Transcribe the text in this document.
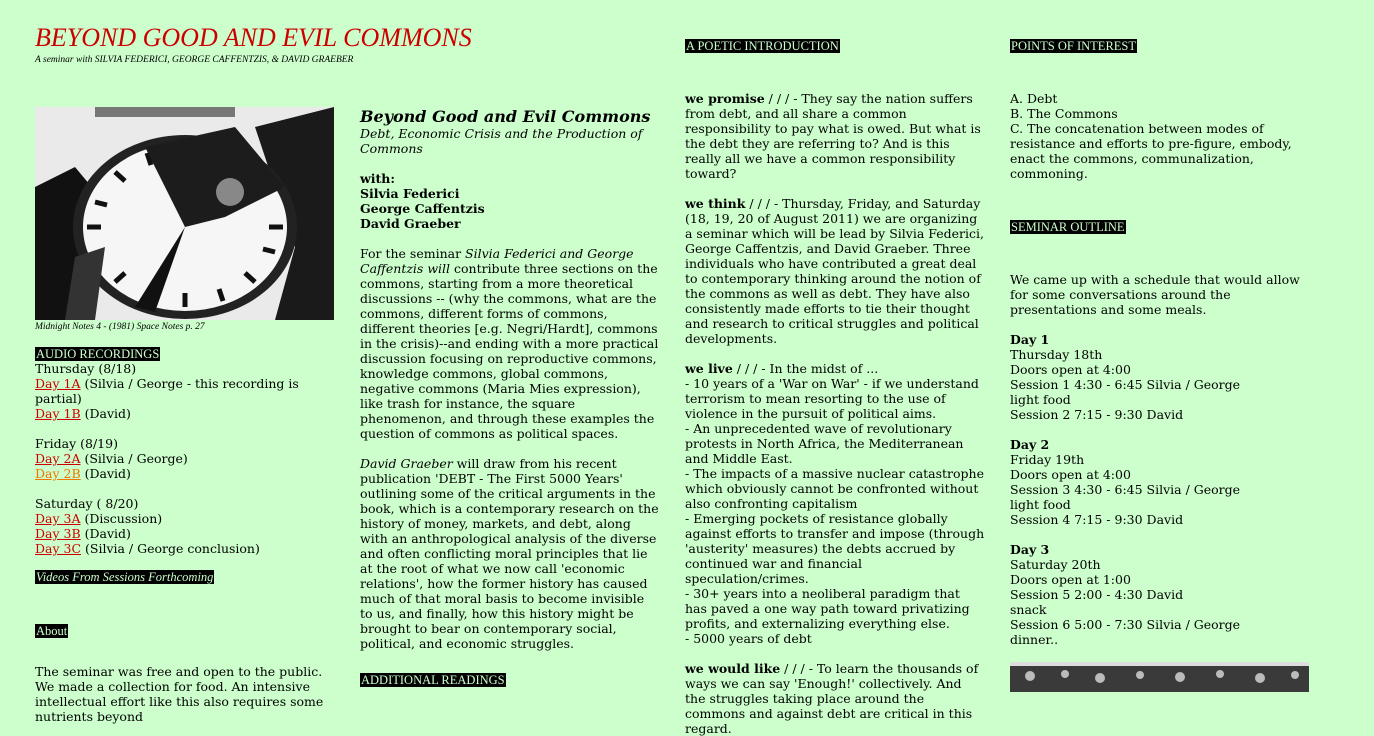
BEYOND GOOD AND EVIL COMMONS
A seminar with SILVIA FEDERICI, GEORGE CAFFENTZIS, & DAVID GRAEBER

Midnight Notes 4 - (1981) Space Notes p. 27

AUDIO RECORDINGS

Thursday (8/18)

Day 1A (Silvia / George - this recording is partial)

Day 1B (David)

Friday (8/19)

Day 2A (Silvia / George)

Day 2B (David)

Saturday ( 8/20)

Day 3A (Discussion)

Day 3B (David)

Day 3C (Silvia / George conclusion)

Videos From Sessions Forthcoming
About

The seminar was free and open to the public. We made a collection for food. An intensive intellectual effort like this also requires some nutrients beyond

Beyond Good and Evil Commons

Debt, Economic Crisis and the Production of Commons

with:

Silvia Federici

George Caffentzis

David Graeber

For the seminar Silvia Federici and George Caffentzis will contribute three sections on the commons, starting from a more theoretical discussions -- (why the commons, what are the commons, different forms of commons, different theories [e.g. Negri/Hardt], commons in the crisis)--and ending with a more practical discussion focusing on reproductive commons, knowledge commons, global commons, negative commons (Maria Mies expression), like trash for instance, the square phenomenon, and through these examples the question of commons as political spaces.

David Graeber will draw from his recent publication 'DEBT - The First 5000 Years' outlining some of the critical arguments in the book, which is a contemporary research on the history of money, markets, and debt, along with an anthropological analysis of the diverse and often conflicting moral principles that lie at the root of what we now call 'economic relations', how the former history has caused much of that moral basis to become invisible to us, and finally, how this history might be brought to bear on contemporary social, political, and economic struggles.

ADDITIONAL READINGS
A POETIC INTRODUCTION

we promise / / / - They say the nation suffers from debt, and all share a common responsibility to pay what is owed. But what is the debt they are referring to? And is this really all we have a common responsibility toward?

we think / / / - Thursday, Friday, and Saturday (18, 19, 20 of August 2011) we are organizing a seminar which will be lead by Silvia Federici, George Caffentzis, and David Graeber. Three individuals who have contributed a great deal to contemporary thinking around the notion of the commons as well as debt. They have also consistently made efforts to tie their thought and research to critical struggles and political developments.

we live / / / - In the midst of ...

- 10 years of a 'War on War' - if we understand terrorism to mean resorting to the use of violence in the pursuit of political aims.

- An unprecedented wave of revolutionary protests in North Africa, the Mediterranean and Middle East.

- The impacts of a massive nuclear catastrophe which obviously cannot be confronted without also confronting capitalism

- Emerging pockets of resistance globally against efforts to transfer and impose (through 'austerity' measures) the debts accrued by continued war and financial speculation/crimes.

- 30+ years into a neoliberal paradigm that has paved a one way path toward privatizing profits, and externalizing everything else.

- 5000 years of debt

we would like / / / - To learn the thousands of ways we can say 'Enough!' collectively. And the struggles taking place around the commons and against debt are critical in this regard.

POINTS OF INTEREST

A. Debt

B. The Commons

C. The concatenation between modes of resistance and efforts to pre-figure, embody, enact the commons, communalization, commoning.

SEMINAR OUTLINE

We came up with a schedule that would allow for some conversations around the presentations and some meals.

Day 1

Thursday 18th

Doors open at 4:00

Session 1 4:30 - 6:45 Silvia / George

light food

Session 2 7:15 - 9:30 David

Day 2

Friday 19th

Doors open at 4:00

Session 3 4:30 - 6:45 Silvia / George

light food

Session 4 7:15 - 9:30 David

Day 3

Saturday 20th

Doors open at 1:00

Session 5 2:00 - 4:30 David

snack

Session 6 5:00 - 7:30 Silvia / George

dinner..
